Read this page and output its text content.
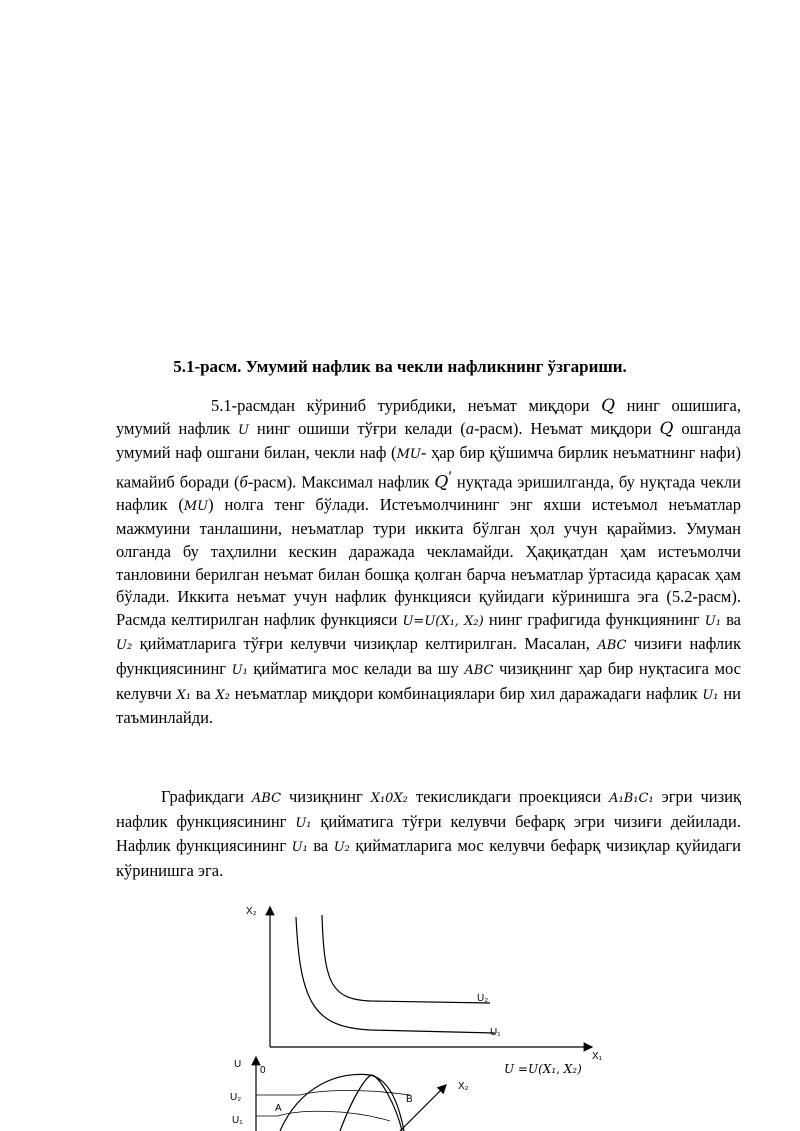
5.1-расм. Умумий нафлик ва чекли нафликнинг ўзгариши.
5.1-расмдан кўриниб турибдики, неъмат миқдори Q нинг ошишига, умумий нафлик U нинг ошиши тўғри келади (а-расм). Неъмат миқдори Q ошганда умумий наф ошгани билан, чекли наф (MU- ҳар бир қўшимча бирлик неъматнинг нафи) камайиб боради (б-расм). Максимал нафлик $Q^ˈ$ нуқтада эришилганда, бу нуқтада чекли нафлик (MU) нолга тенг бўлади. Истеъмолчининг энг яхши истеъмол неъматлар мажмуини танлашини, неъматлар тури иккита бўлган ҳол учун қараймиз. Умуман олганда бу таҳлилни кескин даражада чекламайди. Ҳақиқатдан ҳам истеъмолчи танловини берилган неъмат билан бошқа қолган барча неъматлар ўртасида қарасак ҳам бўлади. Иккита неъмат учун нафлик функцияси қуйидаги кўринишга эга (5.2-расм). Расмда келтирилган нафлик функцияси U=U(X₁, X₂) нинг графигида функциянинг U₁ ва U₂ қийматларига тўғри келувчи чизиқлар келтирилган. Масалан, ABC чизиғи нафлик функциясининг U₁ қийматига мос келади ва шу ABC чизиқнинг ҳар бир нуқтасига мос келувчи X₁ ва X₂ неъматлар миқдори комбинациялари бир хил даражадаги нафлик U₁ ни таъминлайди.
Графикдаги ABC чизиқнинг X₁0X₂ текисликдаги проекцияси A₁B₁C₁ эгри чизиқ нафлик функциясининг U₁ қийматига тўғри келувчи бефарқ эгри чизиғи дейилади. Нафлик функциясининг U₁ ва U₂ қийматларига мос келувчи бефарқ чизиқлар қуйидаги кўринишга эга.
X₂
U₂
U₁
X₁
U
0	U =U(X₁, X₂)
X₂
U₂
U₁
A
B
